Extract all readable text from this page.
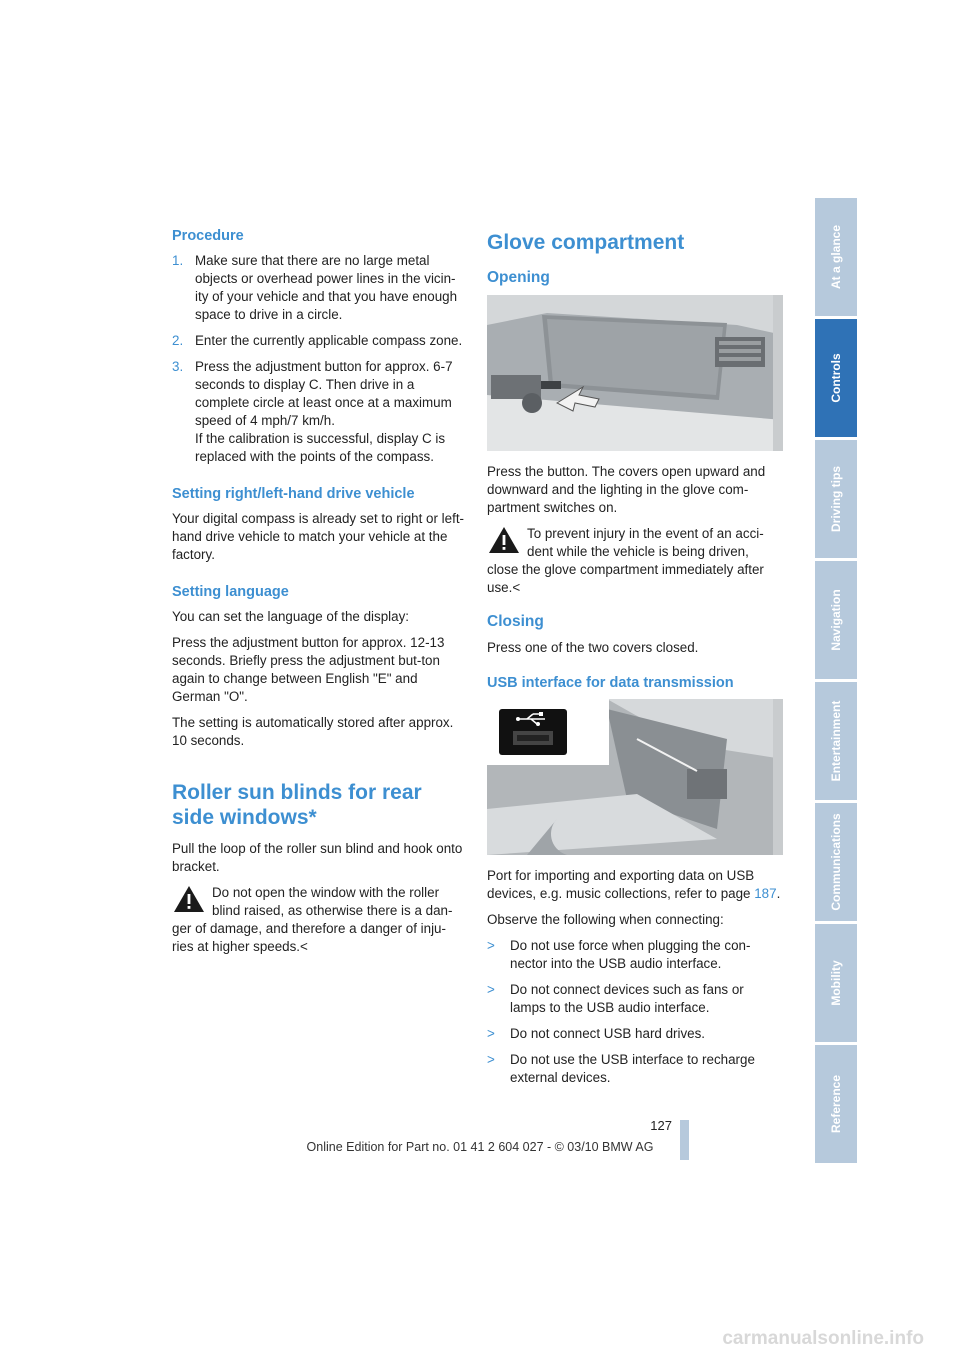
Procedure
1. Make sure that there are no large metal objects or overhead power lines in the vicin-ity of your vehicle and that you have enough space to drive in a circle.
2. Enter the currently applicable compass zone.
3. Press the adjustment button for approx. 6-7 seconds to display C. Then drive in a complete circle at least once at a maximum speed of 4 mph/7 km/h.
If the calibration is successful, display C is replaced with the points of the compass.
Setting right/left-hand drive vehicle

Your digital compass is already set to right or left-hand drive vehicle to match your vehicle at the factory.

Setting language

You can set the language of the display:

Press the adjustment button for approx. 12-13 seconds. Briefly press the adjustment but-ton again to change between English "E" and German "O".

The setting is automatically stored after approx. 10 seconds.

Roller sun blinds for rear side windows*

Pull the loop of the roller sun blind and hook onto bracket.

Do not open the window with the roller blind raised, as otherwise there is a dan-ger of damage, and therefore a danger of inju-ries at higher speeds.<
Glove compartment
Opening

Press the button. The covers open upward and downward and the lighting in the glove com-partment switches on.

To prevent injury in the event of an acci-dent while the vehicle is being driven, close the glove compartment immediately after use.<
Closing

Press one of the two covers closed.

USB interface for data transmission

Port for importing and exporting data on USB devices, e.g. music collections, refer to page 187.

Observe the following when connecting:

>	Do not use force when plugging the con-nector into the USB audio interface.
>	Do not connect devices such as fans or lamps to the USB audio interface.
>	Do not connect USB hard drives.
>	Do not use the USB interface to recharge external devices.
At a glance
Controls
Driving tips
Navigation
Entertainment
Communications
Mobility
Reference
127
Online Edition for Part no. 01 41 2 604 027 - © 03/10 BMW AG
carmanualsonline.info
